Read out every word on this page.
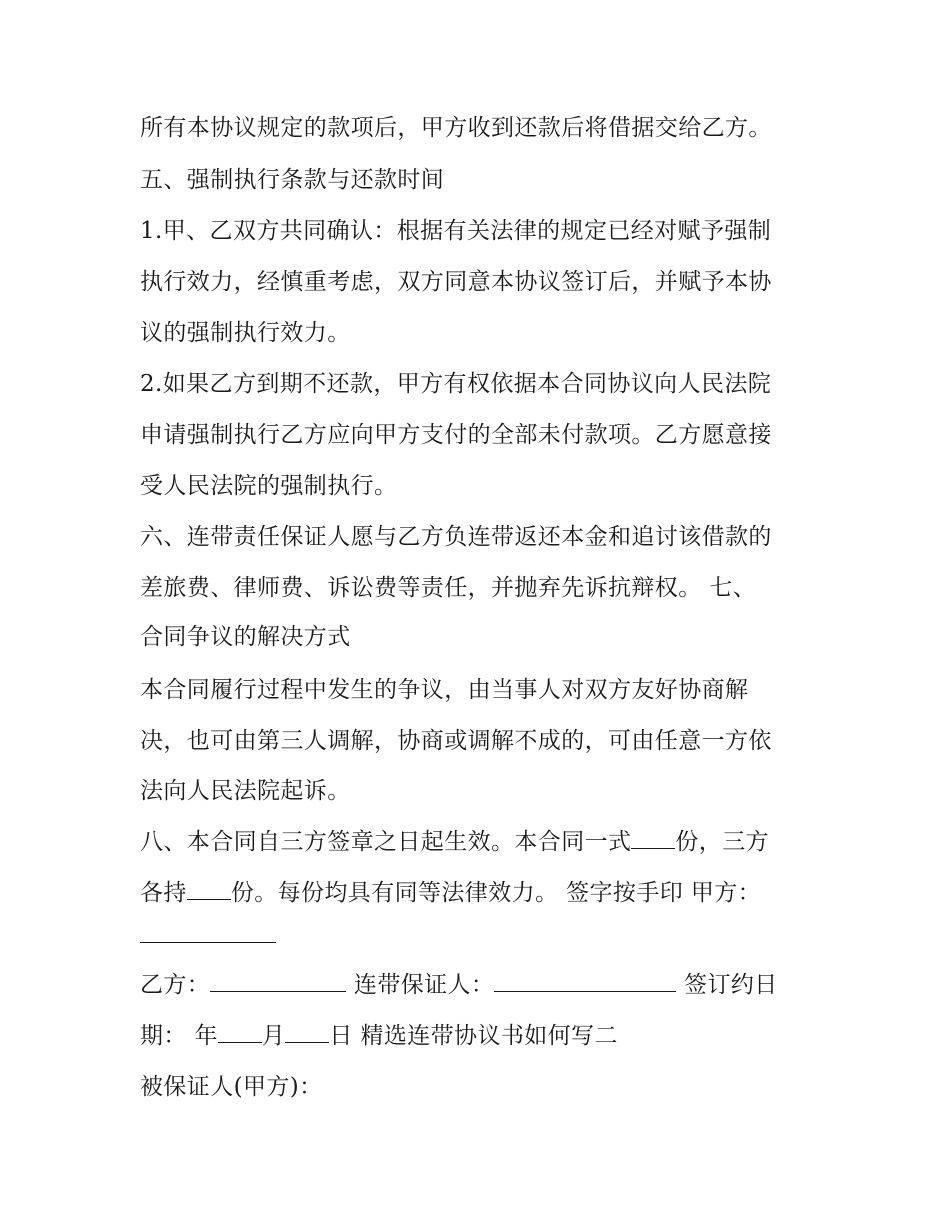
所有本协议规定的款项后，甲方收到还款后将借据交给乙方。
五、强制执行条款与还款时间
1.甲、乙双方共同确认：根据有关法律的规定已经对赋予强制
执行效力，经慎重考虑，双方同意本协议签订后，并赋予本协
议的强制执行效力。
2.如果乙方到期不还款，甲方有权依据本合同协议向人民法院
申请强制执行乙方应向甲方支付的全部未付款项。乙方愿意接
受人民法院的强制执行。
六、连带责任保证人愿与乙方负连带返还本金和追讨该借款的
差旅费、律师费、诉讼费等责任，并抛弃先诉抗辩权。 七、
合同争议的解决方式
本合同履行过程中发生的争议，由当事人对双方友好协商解
决，也可由第三人调解，协商或调解不成的，可由任意一方依
法向人民法院起诉。
八、本合同自三方签章之日起生效。本合同一式 份，三方
各持 份。每份均具有同等法律效力。 签字按手印 甲方：
乙方：	连带保证人：	签订约日
期： 年 月 日 精选连带协议书如何写二
被保证人(甲方)：
